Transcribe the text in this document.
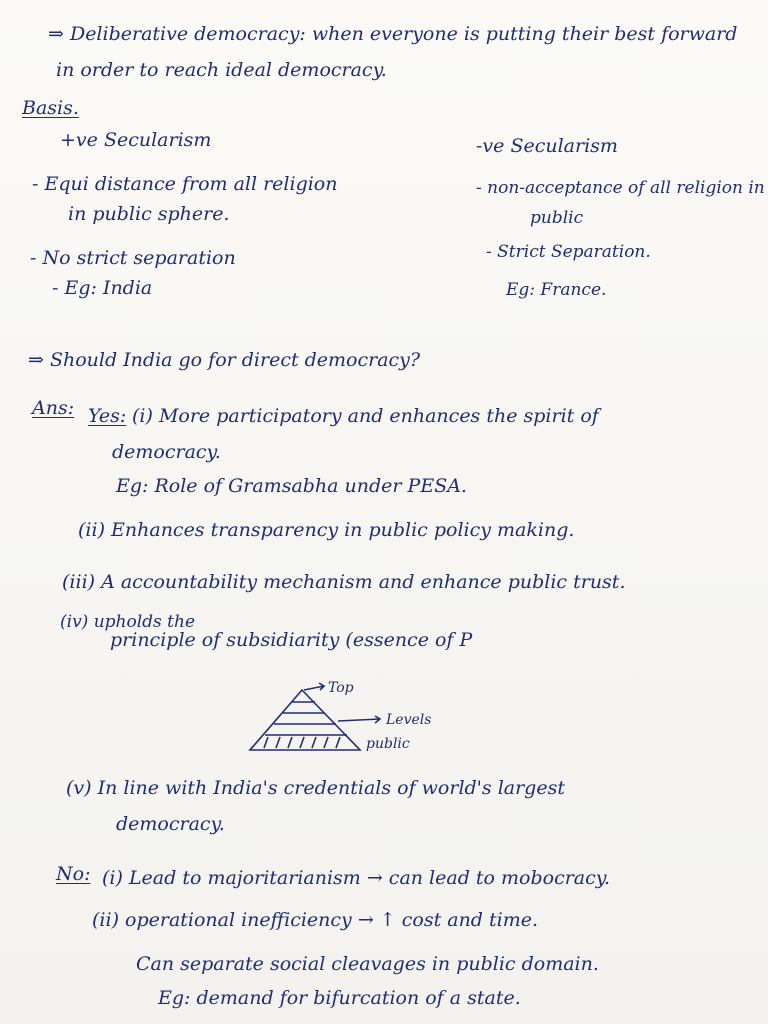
⇒ Deliberative democracy: when everyone is putting their best forward
in order to reach ideal democracy.
Basis.
+ve Secularism	-ve Secularism
- Equi distance from all religion
in public sphere.
- No strict separation
- Eg: India
- non-acceptance of all religion in
public
- Strict Separation.
Eg: France.
⇒ Should India go for direct democracy?
Ans: Yes: (i) More participatory and enhances the spirit of
democracy.
Eg: Role of Gramsabha under PESA.
(ii) Enhances transparency in public policy making.
(iii) A accountability mechanism and enhance public trust.
(iv) upholds the
principle of subsidiarity (essence of P
Top
Levels
public
(v) In line with India's credentials of world's largest
democracy.
No: (i) Lead to majoritarianism → can lead to mobocracy.
(ii) operational inefficiency → ↑ cost and time.
Can separate social cleavages in public domain.
Eg: demand for bifurcation of a state.
